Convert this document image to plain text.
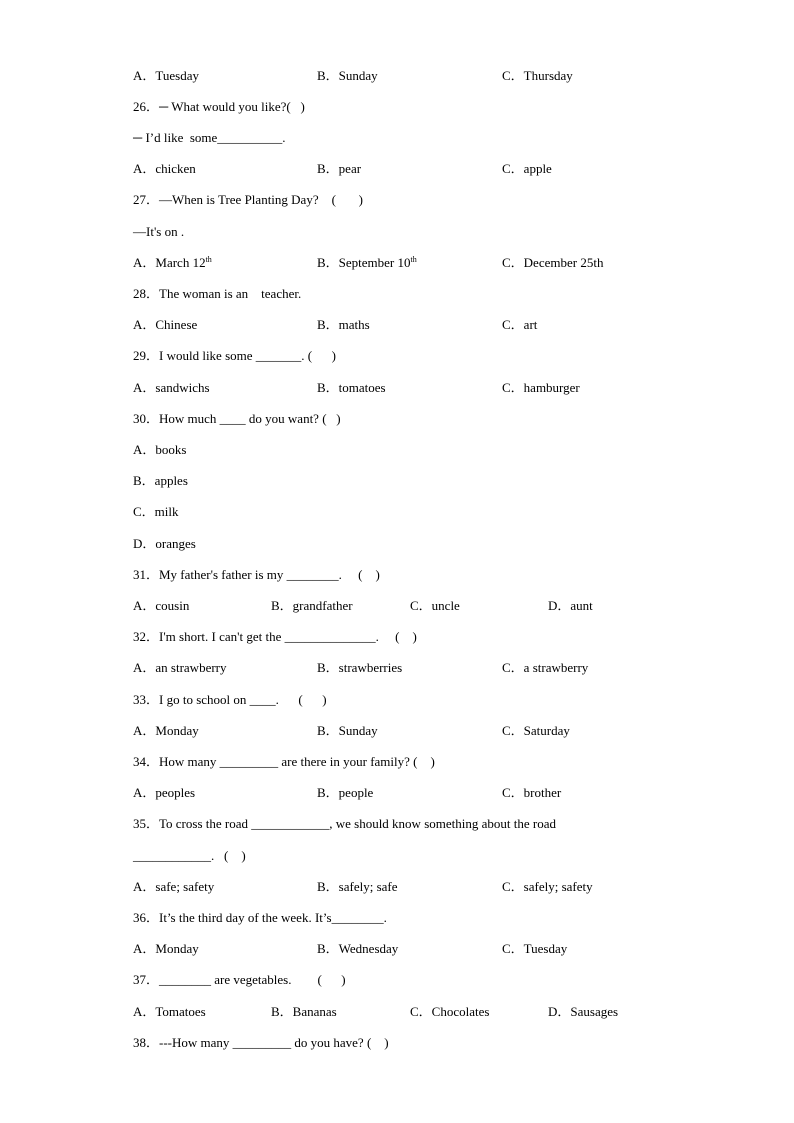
A．Tuesday	B．Sunday	C．Thursday
26．─ What would you like?(   )
─ I’d like  some__________.
A．chicken	B．pear	C．apple
27．—When is Tree Planting Day?    (       )
—It's on .
A．March 12th	B．September 10th	C．December 25th
28．The woman is an    teacher.
A．Chinese	B．maths	C．art
29．I would like some _______. (      )
A．sandwichs	B．tomatoes	C．hamburger
30．How much ____ do you want? (   )
A．books
B．apples
C．milk
D．oranges
31．My father's father is my ________.     (    )
A．cousin	B．grandfather	C．uncle	D．aunt
32．I'm short. I can't get the ______________.     (    )
A．an strawberry	B．strawberries	C．a strawberry
33．I go to school on ____.      (      )
A．Monday	B．Sunday	C．Saturday
34．How many _________ are there in your family? (    )
A．peoples	B．people	C．brother
35．To cross the road ____________, we should know something about the road
____________.   (    )
A．safe; safety	B．safely; safe	C．safely; safety
36．It’s the third day of the week. It’s________.
A．Monday	B．Wednesday	C．Tuesday
37．________ are vegetables.        (      )
A．Tomatoes	B．Bananas	C．Chocolates	D．Sausages
38．---How many _________ do you have? (    )
